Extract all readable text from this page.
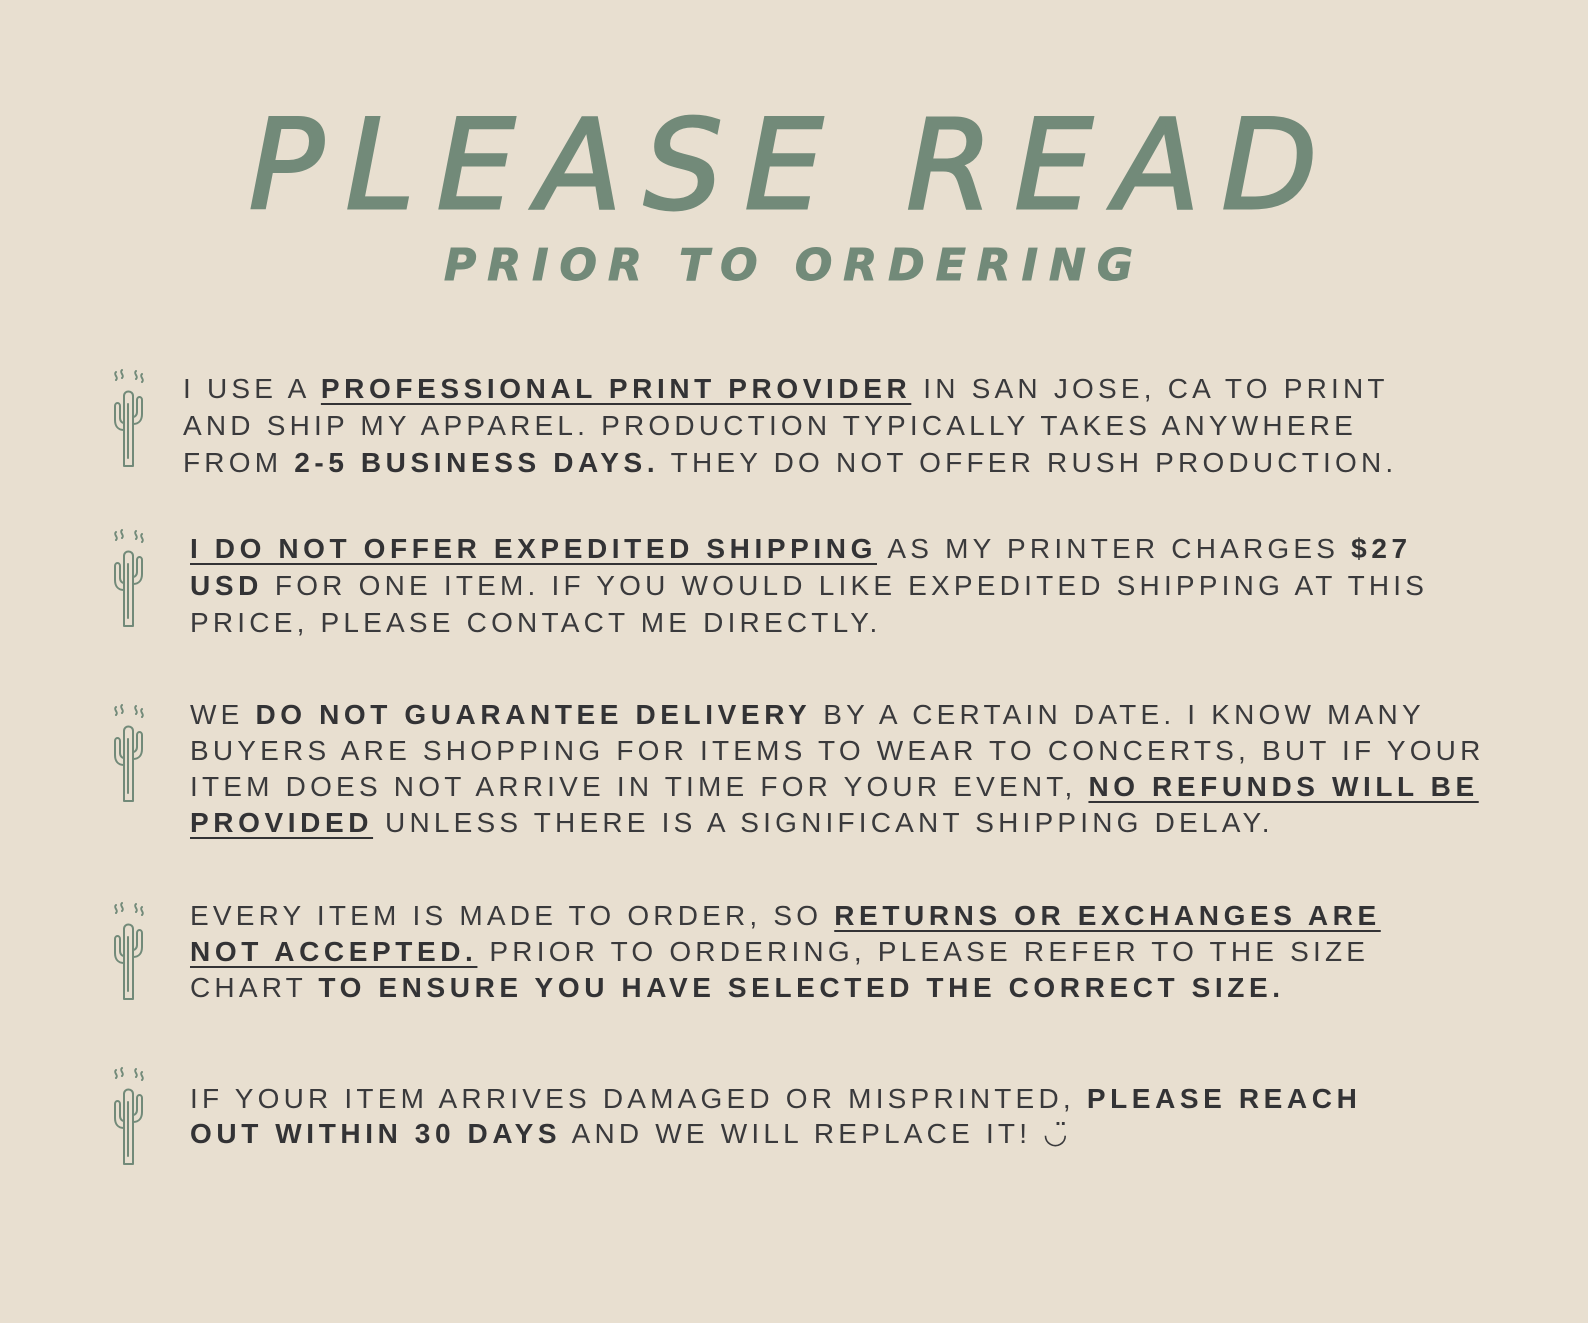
PLEASE READ
PRIOR TO ORDERING

I USE A PROFESSIONAL PRINT PROVIDER IN SAN JOSE, CA TO PRINT AND SHIP MY APPAREL. PRODUCTION TYPICALLY TAKES ANYWHERE FROM 2-5 BUSINESS DAYS. THEY DO NOT OFFER RUSH PRODUCTION.

I DO NOT OFFER EXPEDITED SHIPPING AS MY PRINTER CHARGES $27 USD FOR ONE ITEM. IF YOU WOULD LIKE EXPEDITED SHIPPING AT THIS PRICE, PLEASE CONTACT ME DIRECTLY.

WE DO NOT GUARANTEE DELIVERY BY A CERTAIN DATE. I KNOW MANY BUYERS ARE SHOPPING FOR ITEMS TO WEAR TO CONCERTS, BUT IF YOUR ITEM DOES NOT ARRIVE IN TIME FOR YOUR EVENT, NO REFUNDS WILL BE PROVIDED UNLESS THERE IS A SIGNIFICANT SHIPPING DELAY.

EVERY ITEM IS MADE TO ORDER, SO RETURNS OR EXCHANGES ARE NOT ACCEPTED. PRIOR TO ORDERING, PLEASE REFER TO THE SIZE CHART TO ENSURE YOU HAVE SELECTED THE CORRECT SIZE.

IF YOUR ITEM ARRIVES DAMAGED OR MISPRINTED, PLEASE REACH OUT WITHIN 30 DAYS AND WE WILL REPLACE IT! ◡̈
